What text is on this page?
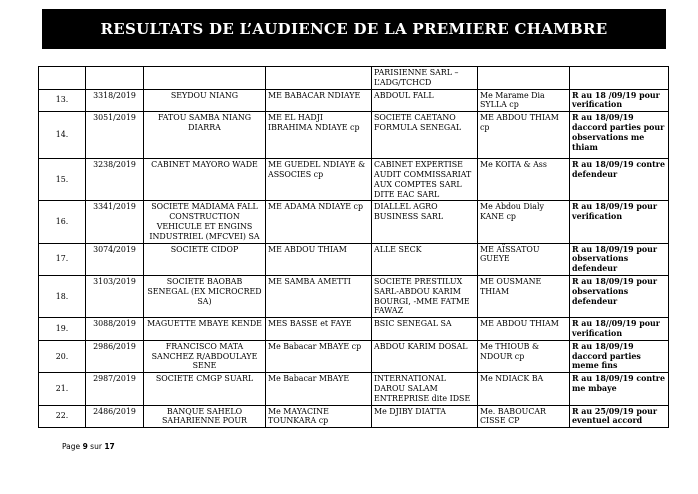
RESULTATS DE L’AUDIENCE DE LA PREMIERE CHAMBRE
				PARISIENNE SARL – L’ADG/TCHCD		
13.	3318/2019	SEYDOU NIANG	ME BABACAR NDIAYE	ABDOUL FALL	Me Marame Dia SYLLA cp	R au 18 /09/19 pour verification
14.	3051/2019	FATOU SAMBA NIANG DIARRA	ME EL HADJI IBRAHIMA NDIAYE cp	SOCIETE CAETANO FORMULA SENEGAL	ME ABDOU THIAM cp	R au 18/09/19 daccord parties pour observations me thiam
15.	3238/2019	CABINET MAYORO WADE	ME GUEDEL NDIAYE & ASSOCIES cp	CABINET EXPERTISE AUDIT COMMISSARIAT AUX COMPTES SARL DITE EAC SARL	Me KOITA & Ass	R au 18/09/19 contre defendeur
16.	3341/2019	SOCIETE MADIAMA FALL CONSTRUCTION VEHICULE ET ENGINS INDUSTRIEL (MFCVEI) SA	ME ADAMA NDIAYE cp	DIALLEL AGRO BUSINESS SARL	Me Abdou Dialy KANE cp	R au 18/09/19 pour verification
17.	3074/2019	SOCIETE CIDOP	ME ABDOU THIAM	ALLE SECK	ME AÏSSATOU GUEYE	R au 18/09/19 pour observations defendeur
18.	3103/2019	SOCIETE BAOBAB SENEGAL (EX MICROCRED SA)	ME SAMBA AMETTI	SOCIETE PRESTILUX SARL-ABDOU KARIM BOURGI, -MME FATME FAWAZ	ME OUSMANE THIAM	R au 18/09/19 pour observations defendeur
19.	3088/2019	MAGUETTE MBAYE KENDE	MES BASSE et FAYE	BSIC SENEGAL SA	ME ABDOU THIAM	R au 18//09/19 pour verification
20.	2986/2019	FRANCISCO MATA SANCHEZ R/ABDOULAYE SENE	Me Babacar MBAYE cp	ABDOU KARIM DOSAL	Me THIOUB & NDOUR cp	R au 18/09/19 daccord parties meme fins
21.	2987/2019	SOCIETE CMGP SUARL	Me Babacar MBAYE	INTERNATIONAL DAROU SALAM ENTREPRISE dite IDSE	Me NDIACK BA	R au 18/09/19 contre me mbaye
22.	2486/2019	BANQUE SAHELO SAHARIENNE POUR	Me MAYACINE TOUNKARA cp	Me DJIBY DIATTA	Me. BABOUCAR CISSE CP	R au 25/09/19 pour eventuel accord
Page 9 sur 17
